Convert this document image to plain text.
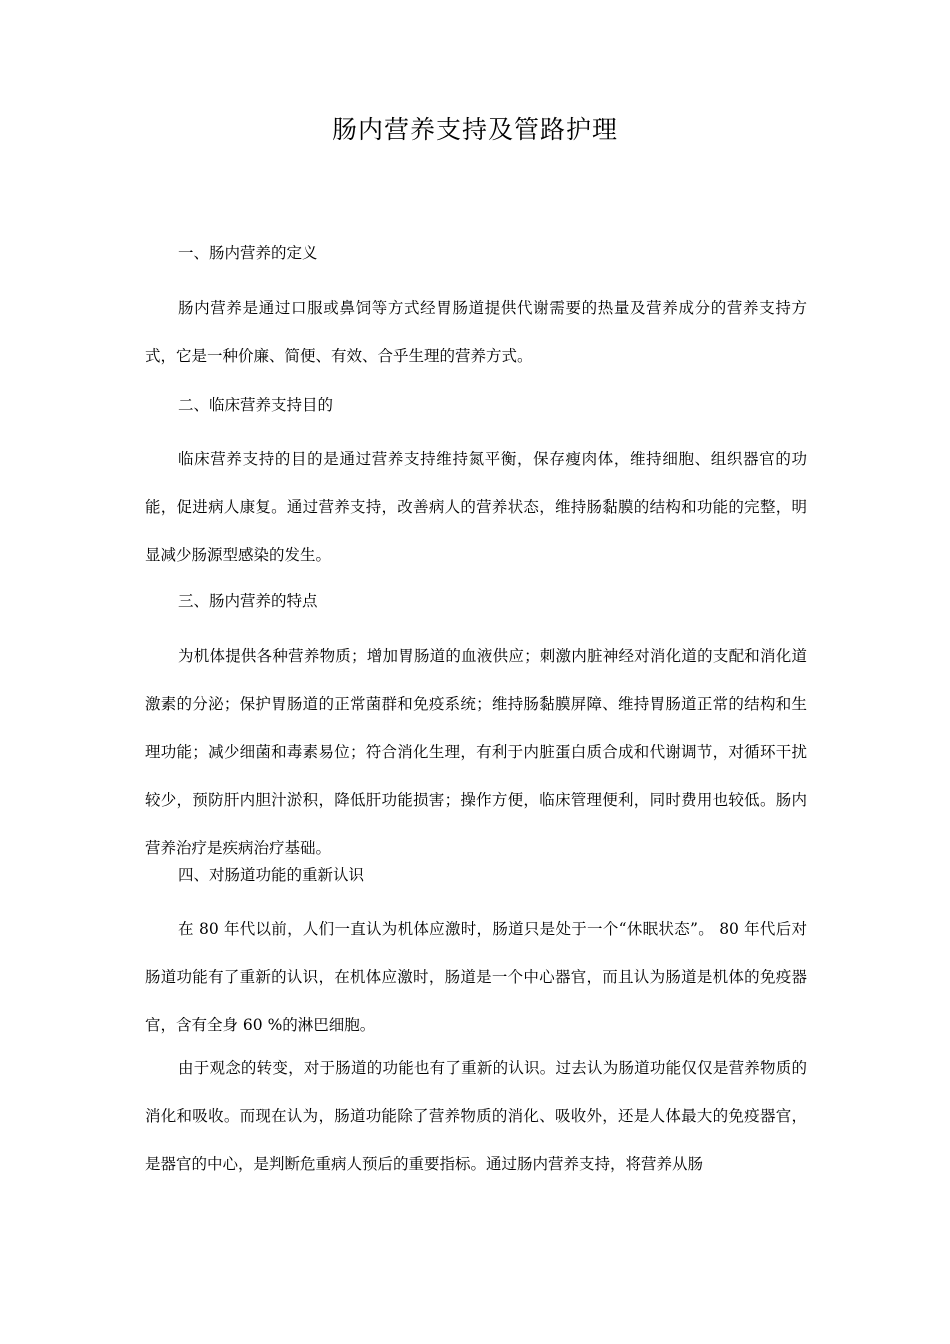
肠内营养支持及管路护理
一、肠内营养的定义

肠内营养是通过口服或鼻饲等方式经胃肠道提供代谢需要的热量及营养成分的营养支持方式，它是一种价廉、简便、有效、合乎生理的营养方式。

二、临床营养支持目的

临床营养支持的目的是通过营养支持维持氮平衡，保存瘦肉体，维持细胞、组织器官的功能，促进病人康复。通过营养支持，改善病人的营养状态，维持肠黏膜的结构和功能的完整，明显减少肠源型感染的发生。

三、肠内营养的特点

为机体提供各种营养物质；增加胃肠道的血液供应；刺激内脏神经对消化道的支配和消化道激素的分泌；保护胃肠道的正常菌群和免疫系统；维持肠黏膜屏障、维持胃肠道正常的结构和生理功能；减少细菌和毒素易位；符合消化生理，有利于内脏蛋白质合成和代谢调节，对循环干扰较少，预防肝内胆汁淤积，降低肝功能损害；操作方便，临床管理便利，同时费用也较低。肠内营养治疗是疾病治疗基础。

四、对肠道功能的重新认识

在 80 年代以前，人们一直认为机体应激时，肠道只是处于一个“休眠状态”。 80 年代后对肠道功能有了重新的认识，在机体应激时，肠道是一个中心器官，而且认为肠道是机体的免疫器官，含有全身 60 %的淋巴细胞。

由于观念的转变，对于肠道的功能也有了重新的认识。过去认为肠道功能仅仅是营养物质的消化和吸收。而现在认为，肠道功能除了营养物质的消化、吸收外，还是人体最大的免疫器官，是器官的中心，是判断危重病人预后的重要指标。通过肠内营养支持，将营养从肠
